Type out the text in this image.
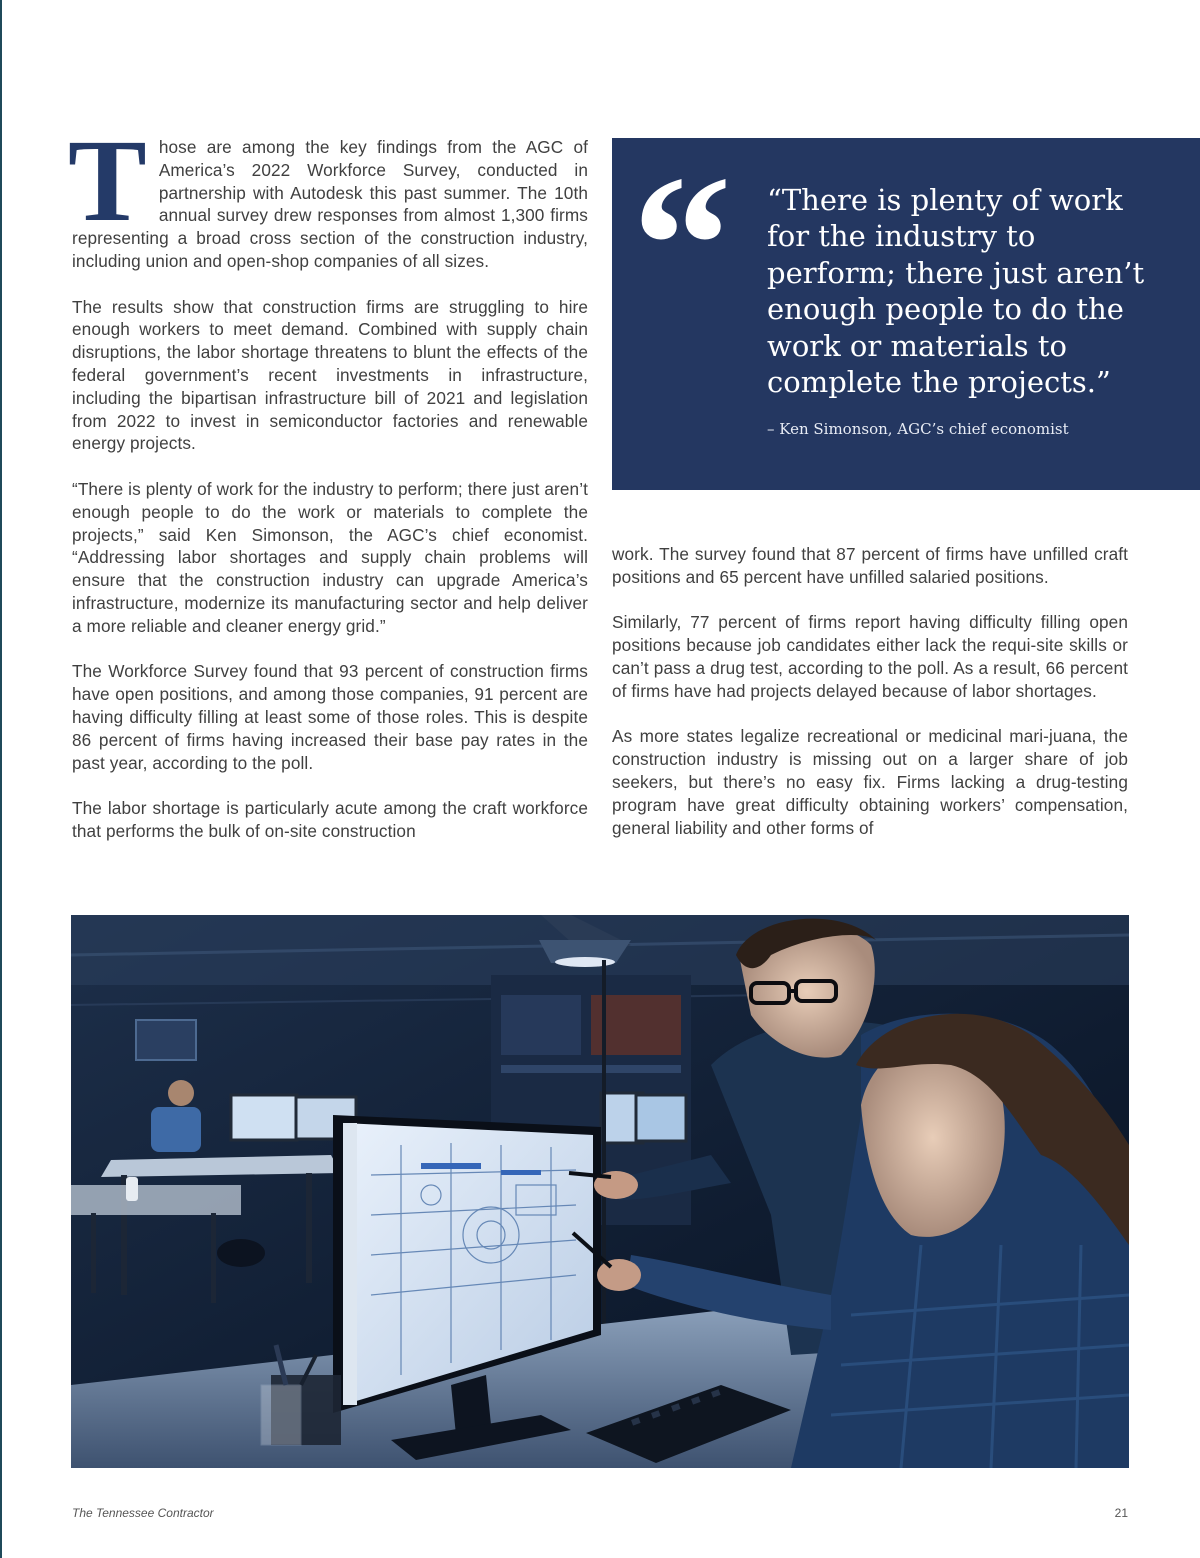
Those are among the key findings from the AGC of America’s 2022 Workforce Survey, conducted in partnership with Autodesk this past summer. The 10th annual survey drew responses from almost 1,300 firms representing a broad cross section of the construction industry, including union and open-shop companies of all sizes.

The results show that construction firms are struggling to hire enough workers to meet demand. Combined with supply chain disruptions, the labor shortage threatens to blunt the effects of the federal government’s recent investments in infrastructure, including the bipartisan infrastructure bill of 2021 and legislation from 2022 to invest in semiconductor factories and renewable energy projects.

“There is plenty of work for the industry to perform; there just aren’t enough people to do the work or materials to complete the projects,” said Ken Simonson, the AGC’s chief economist. “Addressing labor shortages and supply chain problems will ensure that the construction industry can upgrade America’s infrastructure, modernize its manufacturing sector and help deliver a more reliable and cleaner energy grid.”

The Workforce Survey found that 93 percent of construction firms have open positions, and among those companies, 91 percent are having difficulty filling at least some of those roles. This is despite 86 percent of firms having increased their base pay rates in the past year, according to the poll.

The labor shortage is particularly acute among the craft workforce that performs the bulk of on-site construction

“ “There is plenty of work for the industry to perform; there just aren’t enough people to do the work or materials to complete the projects.”
– Ken Simonson, AGC’s chief economist

work. The survey found that 87 percent of firms have unfilled craft positions and 65 percent have unfilled salaried positions.

Similarly, 77 percent of firms report having difficulty filling open positions because job candidates either lack the requi-site skills or can’t pass a drug test, according to the poll. As a result, 66 percent of firms have had projects delayed because of labor shortages.

As more states legalize recreational or medicinal mari-juana, the construction industry is missing out on a larger share of job seekers, but there’s no easy fix. Firms lacking a drug-testing program have great difficulty obtaining workers’ compensation, general liability and other forms of

The Tennessee Contractor	21
